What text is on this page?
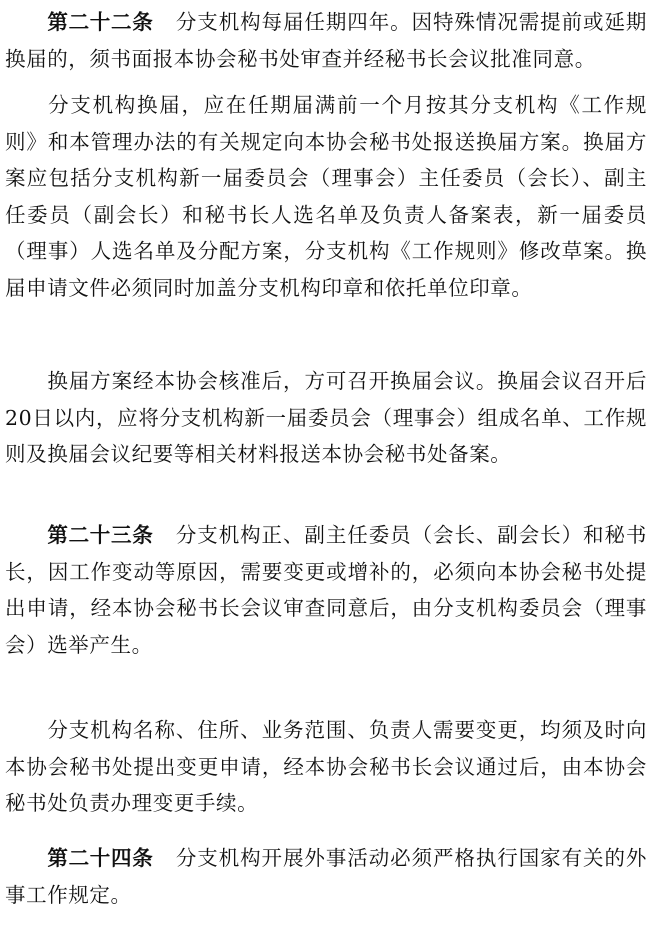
第二十二条 分支机构每届任期四年。因特殊情况需提前或延期换届的，须书面报本协会秘书处审查并经秘书长会议批准同意。

分支机构换届，应在任期届满前一个月按其分支机构《工作规则》和本管理办法的有关规定向本协会秘书处报送换届方案。换届方案应包括分支机构新一届委员会（理事会）主任委员（会长）、副主任委员（副会长）和秘书长人选名单及负责人备案表，新一届委员（理事）人选名单及分配方案，分支机构《工作规则》修改草案。换届申请文件必须同时加盖分支机构印章和依托单位印章。

换届方案经本协会核准后，方可召开换届会议。换届会议召开后20日以内，应将分支机构新一届委员会（理事会）组成名单、工作规则及换届会议纪要等相关材料报送本协会秘书处备案。

第二十三条 分支机构正、副主任委员（会长、副会长）和秘书长，因工作变动等原因，需要变更或增补的，必须向本协会秘书处提出申请，经本协会秘书长会议审查同意后，由分支机构委员会（理事会）选举产生。

分支机构名称、住所、业务范围、负责人需要变更，均须及时向本协会秘书处提出变更申请，经本协会秘书长会议通过后，由本协会秘书处负责办理变更手续。

第二十四条 分支机构开展外事活动必须严格执行国家有关的外事工作规定。
